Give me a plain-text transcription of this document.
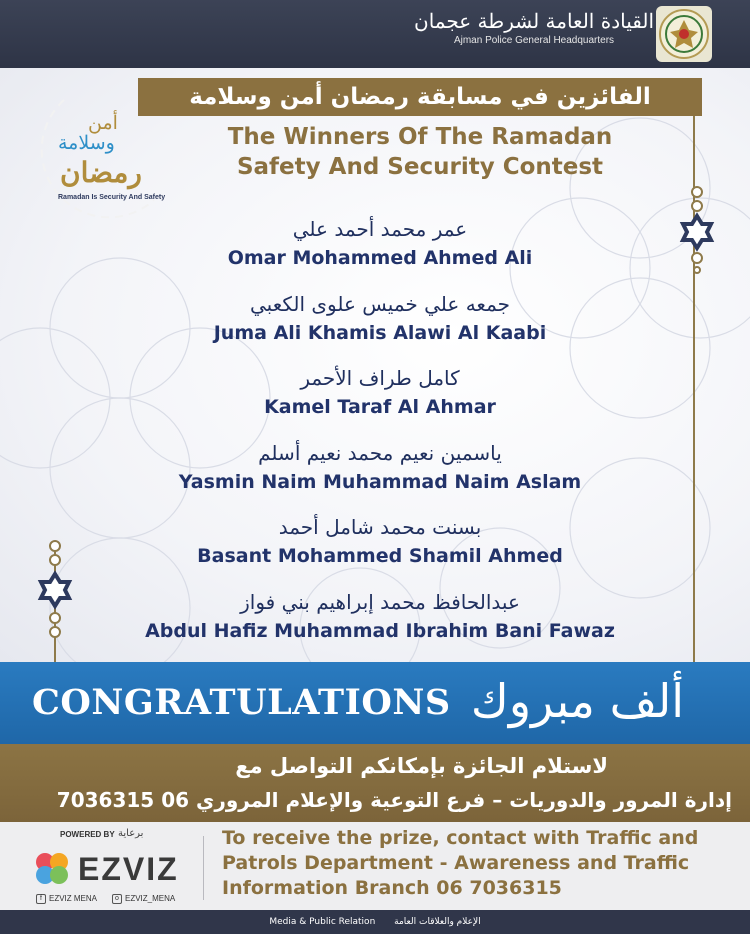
القيادة العامة لشرطة عجمان
Ajman Police General Headquarters
أمن
وسلامة
رمضان
Ramadan Is Security And Safety
الفائزين في مسابقة رمضان أمن وسلامة
The Winners Of The Ramadan
Safety And Security Contest
عمر محمد أحمد علي
Omar Mohammed Ahmed Ali
جمعه علي خميس علوى الكعبي
Juma Ali Khamis Alawi Al Kaabi
كامل طراف الأحمر
Kamel Taraf Al Ahmar
ياسمين نعيم محمد نعيم أسلم
Yasmin Naim Muhammad Naim Aslam
بسنت محمد شامل أحمد
Basant Mohammed Shamil Ahmed
عبدالحافظ محمد إبراهيم بني فواز
Abdul Hafiz Muhammad Ibrahim Bani Fawaz
CONGRATULATIONS ألف مبروك
لاستلام الجائزة بإمكانكم التواصل مع
إدارة المرور والدوريات – فرع التوعية والإعلام المروري 06 7036315
POWERED BY برعاية
EZVIZ
f EZVIZ MENA	o EZVIZ_MENA
To receive the prize, contact with Traffic and
Patrols Department - Awareness and Traffic
Information Branch 06 7036315
Media & Public Relation الإعلام والعلاقات العامة
